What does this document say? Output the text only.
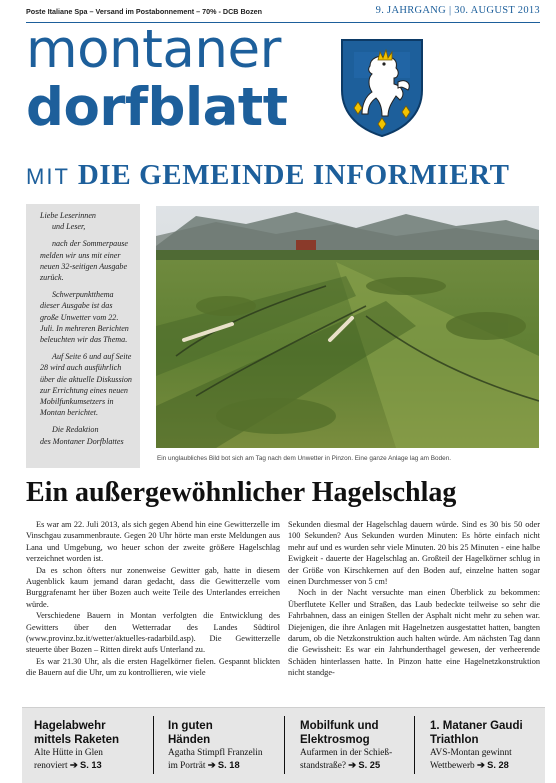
Poste Italiane Spa – Versand im Postabonnement – 70% - DCB Bozen	9. JAHRGANG | 30. AUGUST 2013
montaner
dorfblatt
MIT DIE GEMEINDE INFORMIERT

Liebe Leserinnen

und Leser,

nach der Sommerpause melden wir uns mit einer neuen 32-seitigen Ausgabe zurück.

Schwerpunktthema dieser Ausgabe ist das große Unwetter vom 22. Juli. In mehreren Berichten beleuchten wir das Thema.

Auf Seite 6 und auf Seite 28 wird auch ausführlich über die aktuelle Diskussion zur Errichtung eines neuen Mobilfunkumsetzers in Montan berichtet.

Die Redaktion

des Montaner Dorfblattes

Ein unglaubliches Bild bot sich am Tag nach dem Unwetter in Pinzon. Eine ganze Anlage lag am Boden.
Ein außergewöhnlicher Hagelschlag

Es war am 22. Juli 2013, als sich gegen Abend hin eine Gewitterzelle im Vinschgau zusammenbraute. Gegen 20 Uhr hörte man erste Meldungen aus Lana und Umgebung, wo heuer schon der zweite größere Hagelschlag verzeichnet worden ist.

Da es schon öfters nur zonenweise Gewitter gab, hatte in diesem Augenblick kaum jemand daran gedacht, dass die Gewitterzelle vom Burggrafenamt her über Bozen auch weite Teile des Unterlandes erreichen würde.

Verschiedene Bauern in Montan verfolgten die Entwicklung des Gewitters über den Wetterradar des Landes Südtirol (www.provinz.bz.it/wetter/aktuelles-radarbild.asp). Die Gewitterzelle steuerte über Bozen – Ritten direkt aufs Unterland zu.

Es war 21.30 Uhr, als die ersten Hagelkörner fielen. Gespannt blickten die Bauern auf die Uhr, um zu kontrollieren, wie viele

Sekunden diesmal der Hagelschlag dauern würde. Sind es 30 bis 50 oder 100 Sekunden? Aus Sekunden wurden Minuten: Es hörte einfach nicht mehr auf und es wurden sehr viele Minuten. 20 bis 25 Minuten - eine halbe Ewigkeit - dauerte der Hagelschlag an. Großteil der Hagelkörner schlug in der Größe von Kirschkernen auf den Boden auf, einzelne hatten sogar einen Durchmesser von 5 cm!

Noch in der Nacht versuchte man einen Überblick zu bekommen: Überflutete Keller und Straßen, das Laub bedeckte teilweise so sehr die Fahrbahnen, dass an einigen Stellen der Asphalt nicht mehr zu sehen war. Diejenigen, die ihre Anlagen mit Hagelnetzen ausgestattet hatten, bangten darum, ob die Netzkonstruktion auch halten würde. Am nächsten Tag dann die Gewissheit: Es war ein Jahrhunderthagel gewesen, der verheerende Schäden hinterlassen hatte. In Pinzon hatte eine Hagelnetzkonstruktion nicht standge-

Hagelabwehr
mittels Raketen
Alte Hütte in Glen
renoviert ➔ S. 13
In guten
Händen
Agatha Stimpfl Franzelin
im Porträt ➔ S. 18
Mobilfunk und
Elektrosmog
Aufarmen in der Schieß-
standstraße? ➔ S. 25
1. Mataner Gaudi
Triathlon
AVS-Montan gewinnt
Wettbewerb ➔ S. 28
